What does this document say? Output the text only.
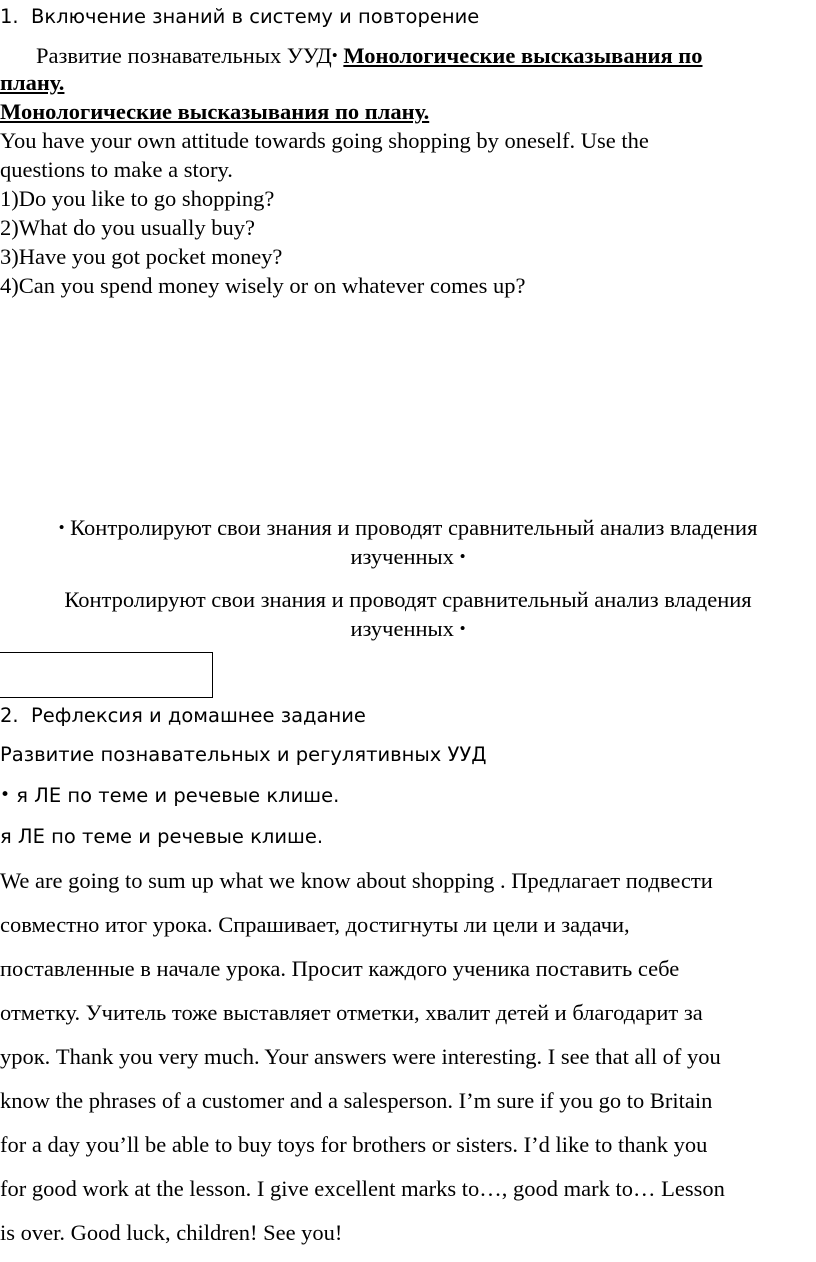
1. Включение знаний в систему и повторение
Развитие познавательных УУД• Монологические высказывания по
плану.
Монологические высказывания по плану.
You have your own attitude towards going shopping by oneself. Use the
questions to make a story.
1)Do you like to go shopping?
2)What do you usually buy?
3)Have you got pocket money?
4)Can you spend money wisely or on whatever comes up?
• Контролируют свои знания и проводят сравнительный анализ владения
изученных •
Контролируют свои знания и проводят сравнительный анализ владения
изученных •
2. Рефлексия и домашнее задание
Развитие познавательных и регулятивных УУД
• я ЛЕ по теме и речевые клише.
я ЛЕ по теме и речевые клише.
We are going to sum up what we know about shopping . Предлагает подвести
совместно итог урока. Спрашивает, достигнуты ли цели и задачи,
поставленные в начале урока. Просит каждого ученика поставить себе
отметку. Учитель тоже выставляет отметки, хвалит детей и благодарит за
урок. Thank you very much. Your answers were interesting. I see that all of you
know the phrases of a customer and a salesperson. I’m sure if you go to Britain
for a day you’ll be able to buy toys for brothers or sisters. I’d like to thank you
for good work at the lesson. I give excellent marks to…, good mark to… Lesson
is over. Good luck, children! See you!
